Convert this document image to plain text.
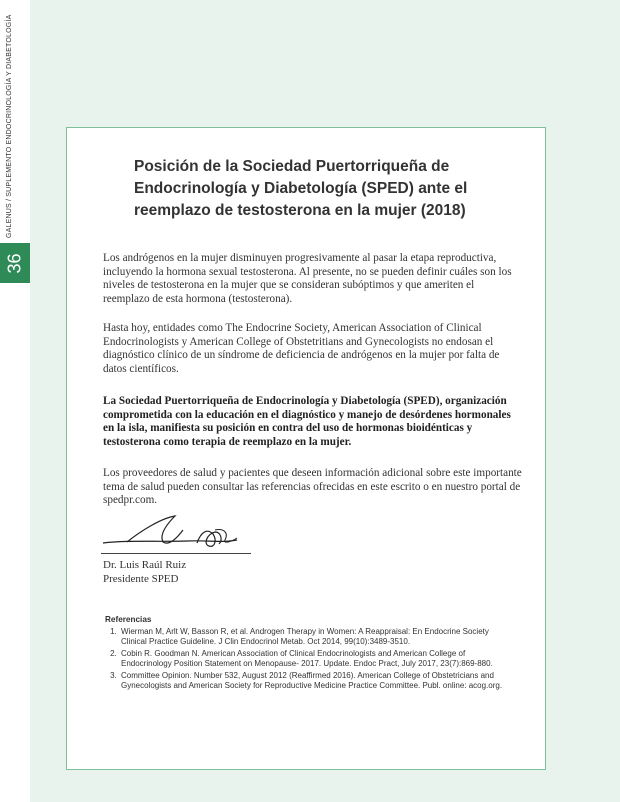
GALENUS / SUPLEMENTO ENDOCRINOLOGÍA Y DIABETOLOGÍA
36
Posición de la Sociedad Puertorriqueña de Endocrinología y Diabetología (SPED) ante el reemplazo de testosterona en la mujer (2018)

Los andrógenos en la mujer disminuyen progresivamente al pasar la etapa reproductiva, incluyendo la hormona sexual testosterona. Al presente, no se pueden definir cuáles son los niveles de testosterona en la mujer que se consideran subóptimos y que ameriten el reemplazo de esta hormona (testosterona).

Hasta hoy, entidades como The Endocrine Society, American Association of Clinical Endocrinologists y American College of Obstetritians and Gynecologists no endosan el diagnóstico clínico de un síndrome de deficiencia de andrógenos en la mujer por falta de datos científicos.

La Sociedad Puertorriqueña de Endocrinología y Diabetología (SPED), organización comprometida con la educación en el diagnóstico y manejo de desórdenes hormonales en la isla, manifiesta su posición en contra del uso de hormonas bioidénticas y testosterona como terapia de reemplazo en la mujer.

Los proveedores de salud y pacientes que deseen información adicional sobre este importante tema de salud pueden consultar las referencias ofrecidas en este escrito o en nuestro portal de spedpr.com.

Dr. Luis Raúl Ruiz
Presidente SPED

Referencias

1. Wierman M, Arlt W, Basson R, et al. Androgen Therapy in Women: A Reappraisal: En Endocrine Society Clinical Practice Guideline. J Clin Endocrinol Metab. Oct 2014, 99(10):3489-3510.
2. Cobin R. Goodman N. American Association of Clinical Endocrinologists and American College of Endocrinology Position Statement on Menopause- 2017. Update. Endoc Pract, July 2017, 23(7):869-880.
3. Committee Opinion. Number 532, August 2012 (Reaffirmed 2016). American College of Obstetricians and Gynecologists and American Society for Reproductive Medicine Practice Committee. Publ. online: acog.org.
